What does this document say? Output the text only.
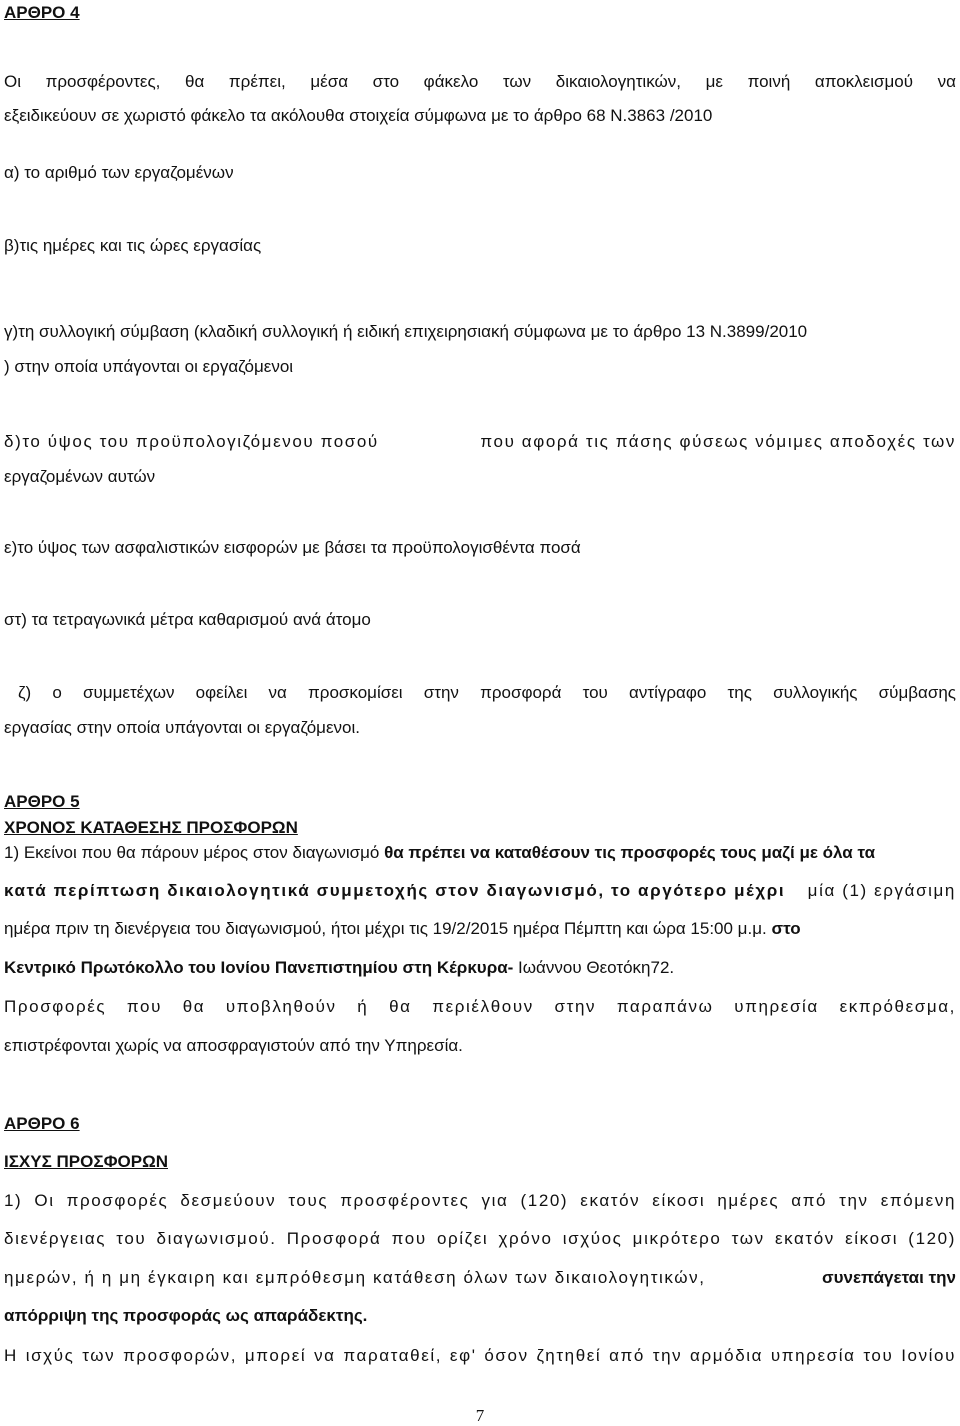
ΑΡΘΡΟ 4
Οι προσφέροντες, θα πρέπει, μέσα στο φάκελο των δικαιολογητικών, με ποινή αποκλεισμού να
εξειδικεύουν σε χωριστό φάκελο τα ακόλουθα στοιχεία σύμφωνα με το άρθρο 68 Ν.3863 /2010
α) το αριθμό των εργαζομένων
β)τις ημέρες και τις ώρες εργασίας
γ)τη συλλογική σύμβαση (κλαδική συλλογική ή ειδική επιχειρησιακή σύμφωνα με το άρθρο 13 Ν.3899/2010
) στην οποία υπάγονται οι εργαζόμενοι
δ)το ύψος του προϋπολογιζόμενου ποσού	που αφορά τις πάσης φύσεως νόμιμες αποδοχές των
εργαζομένων αυτών
ε)το ύψος των ασφαλιστικών εισφορών με βάσει τα προϋπολογισθέντα ποσά
στ) τα τετραγωνικά μέτρα καθαρισμού ανά άτομο
ζ) ο συμμετέχων οφείλει να προσκομίσει στην προσφορά του αντίγραφο της συλλογικής σύμβασης
εργασίας στην οποία υπάγονται οι εργαζόμενοι.
ΑΡΘΡΟ 5
ΧΡΟΝΟΣ ΚΑΤΑΘΕΣΗΣ ΠΡΟΣΦΟΡΩΝ
1) Εκείνοι που θα πάρουν μέρος στον διαγωνισμό θα πρέπει να καταθέσουν τις προσφορές τους μαζί με όλα τα
κατά περίπτωση δικαιολογητικά συμμετοχής στον διαγωνισμό, το αργότερο μέχρι μία (1) εργάσιμη
ημέρα πριν τη διενέργεια του διαγωνισμού, ήτοι μέχρι τις 19/2/2015 ημέρα Πέμπτη και ώρα 15:00 μ.μ. στο
Κεντρικό Πρωτόκολλο του Ιονίου Πανεπιστημίου στη Κέρκυρα- Ιωάννου Θεοτόκη72.
Προσφορές που θα υποβληθούν ή θα περιέλθουν στην παραπάνω υπηρεσία εκπρόθεσμα,
επιστρέφονται χωρίς να αποσφραγιστούν από την Υπηρεσία.
ΑΡΘΡΟ 6
ΙΣΧΥΣ ΠΡΟΣΦΟΡΩΝ
1) Οι προσφορές δεσμεύουν τους προσφέροντες για (120) εκατόν είκοσι ημέρες από την επόμενη
διενέργειας του διαγωνισμού. Προσφορά που ορίζει χρόνο ισχύος μικρότερο των εκατόν είκοσι (120)
ημερών, ή η μη έγκαιρη και εμπρόθεσμη κατάθεση όλων των δικαιολογητικών,	συνεπάγεται την
απόρριψη της προσφοράς ως απαράδεκτης.
Η ισχύς των προσφορών, μπορεί να παραταθεί, εφ' όσον ζητηθεί από την αρμόδια υπηρεσία του Ιονίου
7
